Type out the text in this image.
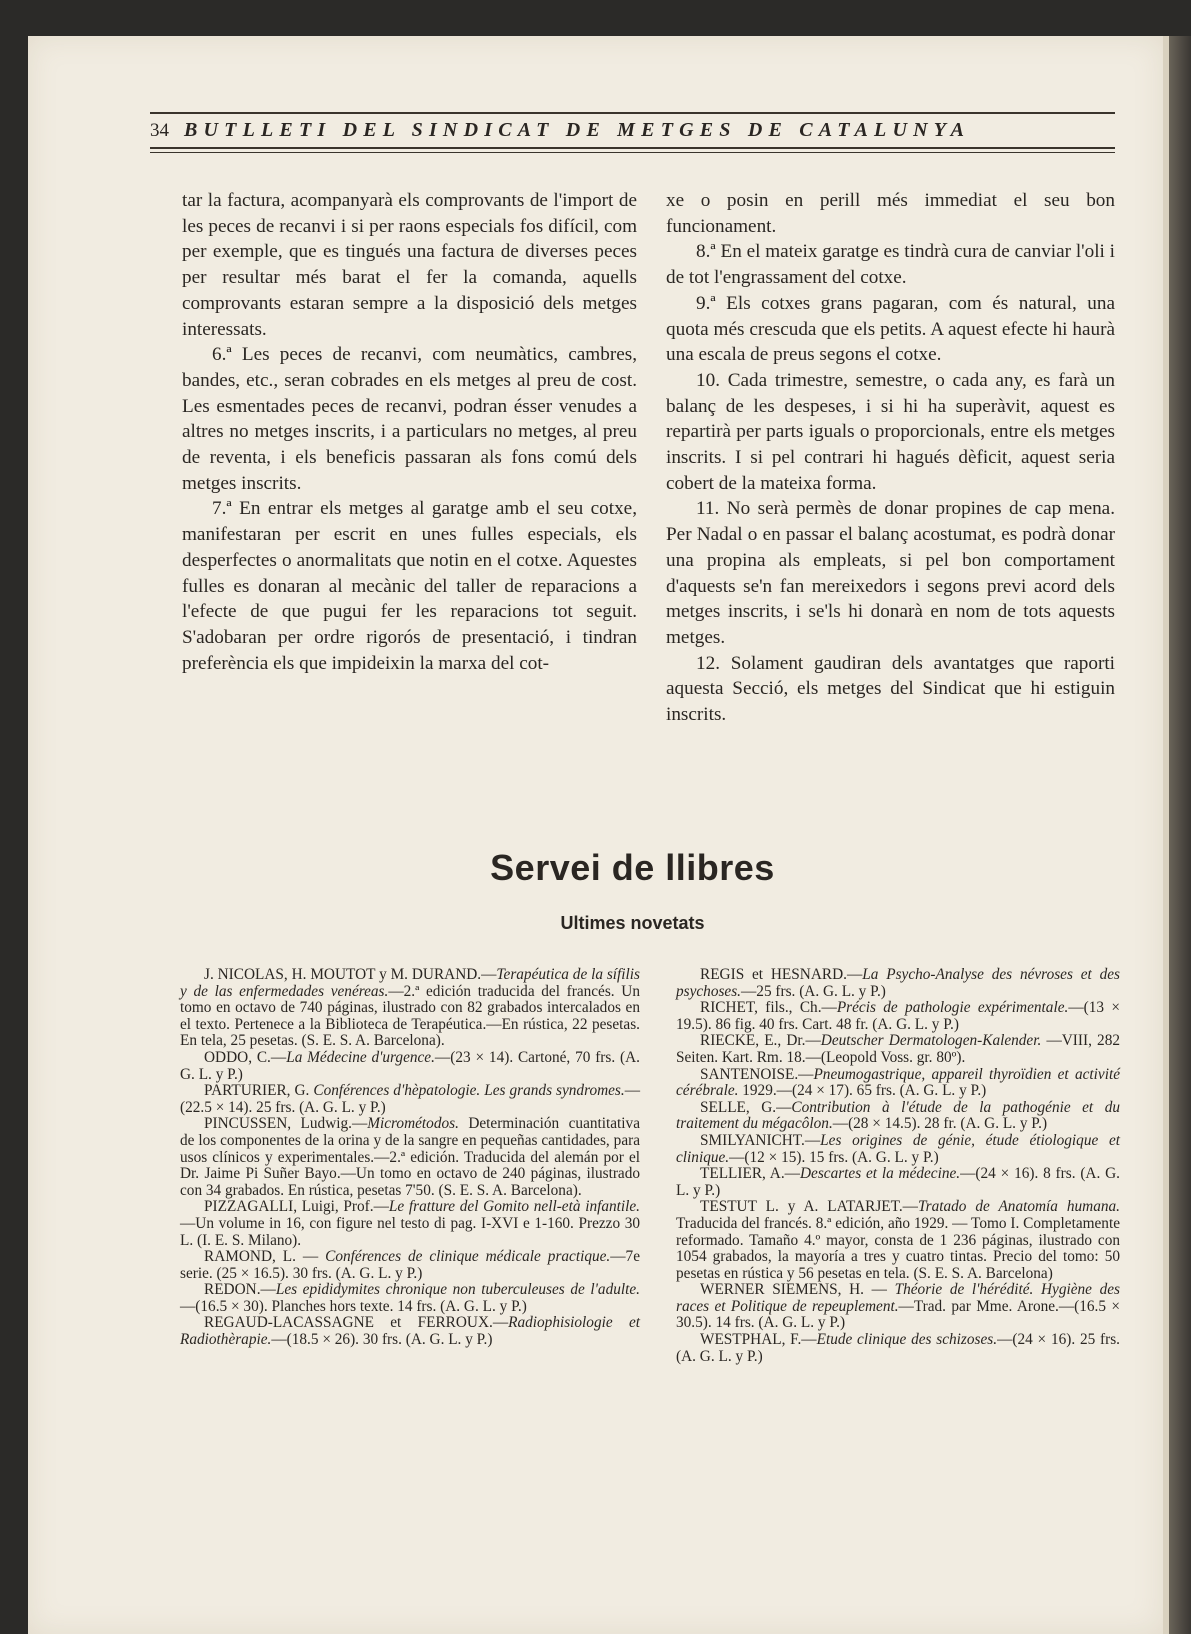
34 BUTLLETI DEL SINDICAT DE METGES DE CATALUNYA

tar la factura, acompanyarà els comprovants de l'import de les peces de recanvi i si per raons especials fos difícil, com per exemple, que es tingués una factura de diverses peces per resultar més barat el fer la comanda, aquells comprovants estaran sempre a la disposició dels metges interessats.

6.ª Les peces de recanvi, com neumàtics, cambres, bandes, etc., seran cobrades en els metges al preu de cost. Les esmentades peces de recanvi, podran ésser venudes a altres no metges inscrits, i a particulars no metges, al preu de reventa, i els beneficis passaran als fons comú dels metges inscrits.

7.ª En entrar els metges al garatge amb el seu cotxe, manifestaran per escrit en unes fulles especials, els desperfectes o anormalitats que notin en el cotxe. Aquestes fulles es donaran al mecànic del taller de reparacions a l'efecte de que pugui fer les reparacions tot seguit. S'adobaran per ordre rigorós de presentació, i tindran preferència els que impideixin la marxa del cot-

xe o posin en perill més immediat el seu bon funcionament.

8.ª En el mateix garatge es tindrà cura de canviar l'oli i de tot l'engrassament del cotxe.

9.ª Els cotxes grans pagaran, com és natural, una quota més crescuda que els petits. A aquest efecte hi haurà una escala de preus segons el cotxe.

10. Cada trimestre, semestre, o cada any, es farà un balanç de les despeses, i si hi ha superàvit, aquest es repartirà per parts iguals o proporcionals, entre els metges inscrits. I si pel contrari hi hagués dèficit, aquest seria cobert de la mateixa forma.

11. No serà permès de donar propines de cap mena. Per Nadal o en passar el balanç acostumat, es podrà donar una propina als empleats, si pel bon comportament d'aquests se'n fan mereixedors i segons previ acord dels metges inscrits, i se'ls hi donarà en nom de tots aquests metges.

12. Solament gaudiran dels avantatges que raporti aquesta Secció, els metges del Sindicat que hi estiguin inscrits.

Servei de llibres
Ultimes novetats

J. NICOLAS, H. MOUTOT y M. DURAND.—Terapéutica de la sífilis y de las enfermedades venéreas.—2.ª edición traducida del francés. Un tomo en octavo de 740 páginas, ilustrado con 82 grabados intercalados en el texto. Pertenece a la Biblioteca de Terapéutica.—En rústica, 22 pesetas. En tela, 25 pesetas. (S. E. S. A. Barcelona).

ODDO, C.—La Médecine d'urgence.—(23 × 14). Cartoné, 70 frs. (A. G. L. y P.)

PARTURIER, G. Conférences d'hèpatologie. Les grands syndromes.—(22.5 × 14). 25 frs. (A. G. L. y P.)

PINCUSSEN, Ludwig.—Micrométodos. Determinación cuantitativa de los componentes de la orina y de la sangre en pequeñas cantidades, para usos clínicos y experimentales.—2.ª edición. Traducida del alemán por el Dr. Jaime Pi Suñer Bayo.—Un tomo en octavo de 240 páginas, ilustrado con 34 grabados. En rústica, pesetas 7'50. (S. E. S. A. Barcelona).

PIZZAGALLI, Luigi, Prof.—Le fratture del Gomito nell-età infantile.—Un volume in 16, con figure nel testo di pag. I-XVI e 1-160. Prezzo 30 L. (I. E. S. Milano).

RAMOND, L. — Conférences de clinique médicale practique.—7e serie. (25 × 16.5). 30 frs. (A. G. L. y P.)

REDON.—Les epididymites chronique non tuberculeuses de l'adulte.—(16.5 × 30). Planches hors texte. 14 frs. (A. G. L. y P.)

REGAUD-LACASSAGNE et FERROUX.—Radiophisiologie et Radiothèrapie.—(18.5 × 26). 30 frs. (A. G. L. y P.)

REGIS et HESNARD.—La Psycho-Analyse des névroses et des psychoses.—25 frs. (A. G. L. y P.)

RICHET, fils., Ch.—Précis de pathologie expérimentale.—(13 × 19.5). 86 fig. 40 frs. Cart. 48 fr. (A. G. L. y P.)

RIECKE, E., Dr.—Deutscher Dermatologen-Kalender. —VIII, 282 Seiten. Kart. Rm. 18.—(Leopold Voss. gr. 80º).

SANTENOISE.—Pneumogastrique, appareil thyroïdien et activité cérébrale. 1929.—(24 × 17). 65 frs. (A. G. L. y P.)

SELLE, G.—Contribution à l'étude de la pathogénie et du traitement du mégacôlon.—(28 × 14.5). 28 fr. (A. G. L. y P.)

SMILYANICHT.—Les origines de génie, étude étiologique et clinique.—(12 × 15). 15 frs. (A. G. L. y P.)

TELLIER, A.—Descartes et la médecine.—(24 × 16). 8 frs. (A. G. L. y P.)

TESTUT L. y A. LATARJET.—Tratado de Anatomía humana. Traducida del francés. 8.ª edición, año 1929. — Tomo I. Completamente reformado. Tamaño 4.º mayor, consta de 1 236 páginas, ilustrado con 1054 grabados, la mayoría a tres y cuatro tintas. Precio del tomo: 50 pesetas en rústica y 56 pesetas en tela. (S. E. S. A. Barcelona)

WERNER SIEMENS, H. — Théorie de l'hérédité. Hygiène des races et Politique de repeuplement.—Trad. par Mme. Arone.—(16.5 × 30.5). 14 frs. (A. G. L. y P.)

WESTPHAL, F.—Etude clinique des schizoses.—(24 × 16). 25 frs. (A. G. L. y P.)
